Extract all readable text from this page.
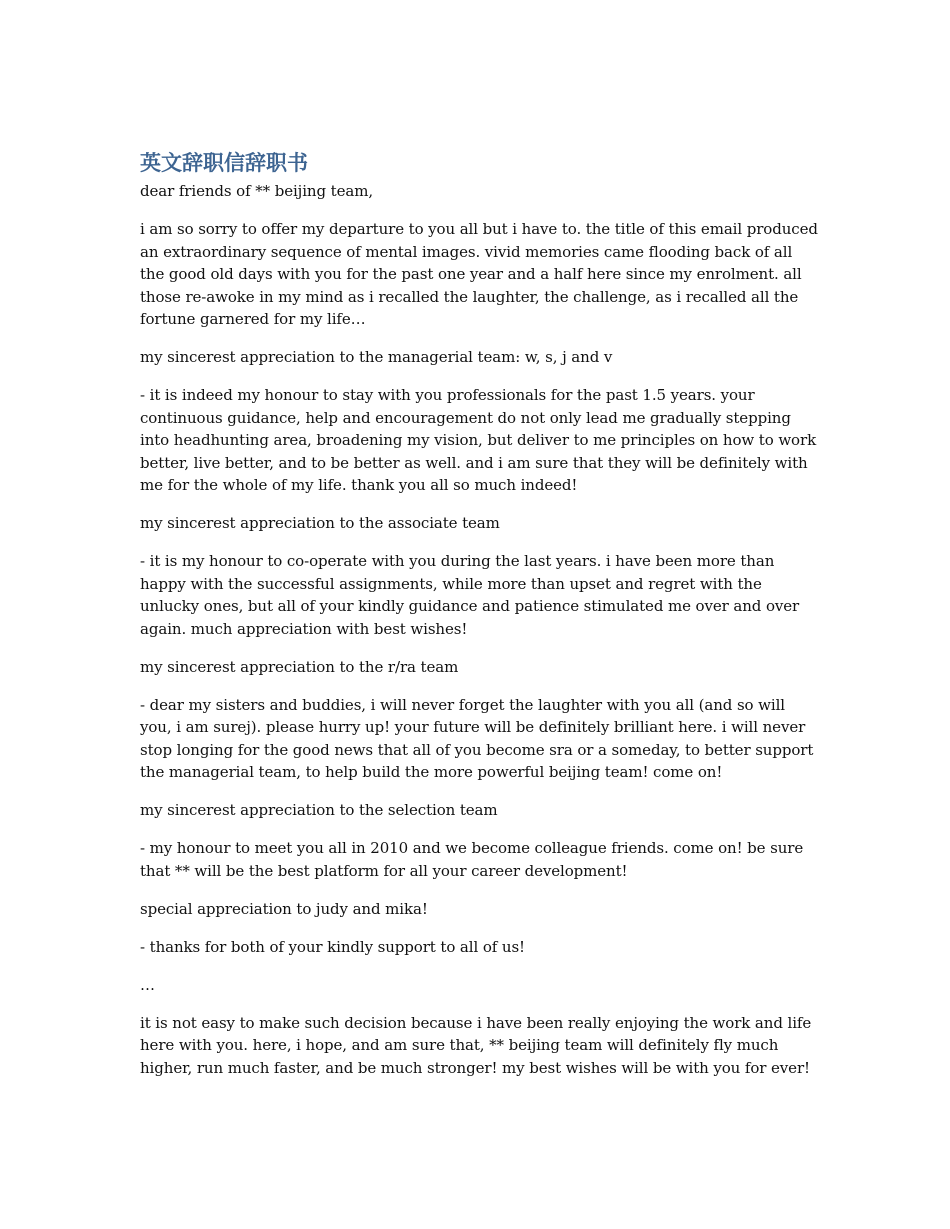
英文辞职信辞职书

dear friends of ** beijing team,

i am so sorry to offer my departure to you all but i have to. the title of this email produced an extraordinary sequence of mental images. vivid memories came flooding back of all the good old days with you for the past one year and a half here since my enrolment. all those re-awoke in my mind as i recalled the laughter, the challenge, as i recalled all the fortune garnered for my life…

my sincerest appreciation to the managerial team: w, s, j and v

- it is indeed my honour to stay with you professionals for the past 1.5 years. your continuous guidance, help and encouragement do not only lead me gradually stepping into headhunting area, broadening my vision, but deliver to me principles on how to work better, live better, and to be better as well. and i am sure that they will be definitely with me for the whole of my life. thank you all so much indeed!

my sincerest appreciation to the associate team

- it is my honour to co-operate with you during the last years. i have been more than happy with the successful assignments, while more than upset and regret with the unlucky ones, but all of your kindly guidance and patience stimulated me over and over again. much appreciation with best wishes!

my sincerest appreciation to the r/ra team

- dear my sisters and buddies, i will never forget the laughter with you all (and so will you, i am surej). please hurry up! your future will be definitely brilliant here. i will never stop longing for the good news that all of you become sra or a someday, to better support the managerial team, to help build the more powerful beijing team! come on!

my sincerest appreciation to the selection team

- my honour to meet you all in 2010 and we become colleague friends. come on! be sure that ** will be the best platform for all your career development!

special appreciation to judy and mika!

- thanks for both of your kindly support to all of us!

…

it is not easy to make such decision because i have been really enjoying the work and life here with you. here, i hope, and am sure that, ** beijing team will definitely fly much higher, run much faster, and be much stronger! my best wishes will be with you for ever!
